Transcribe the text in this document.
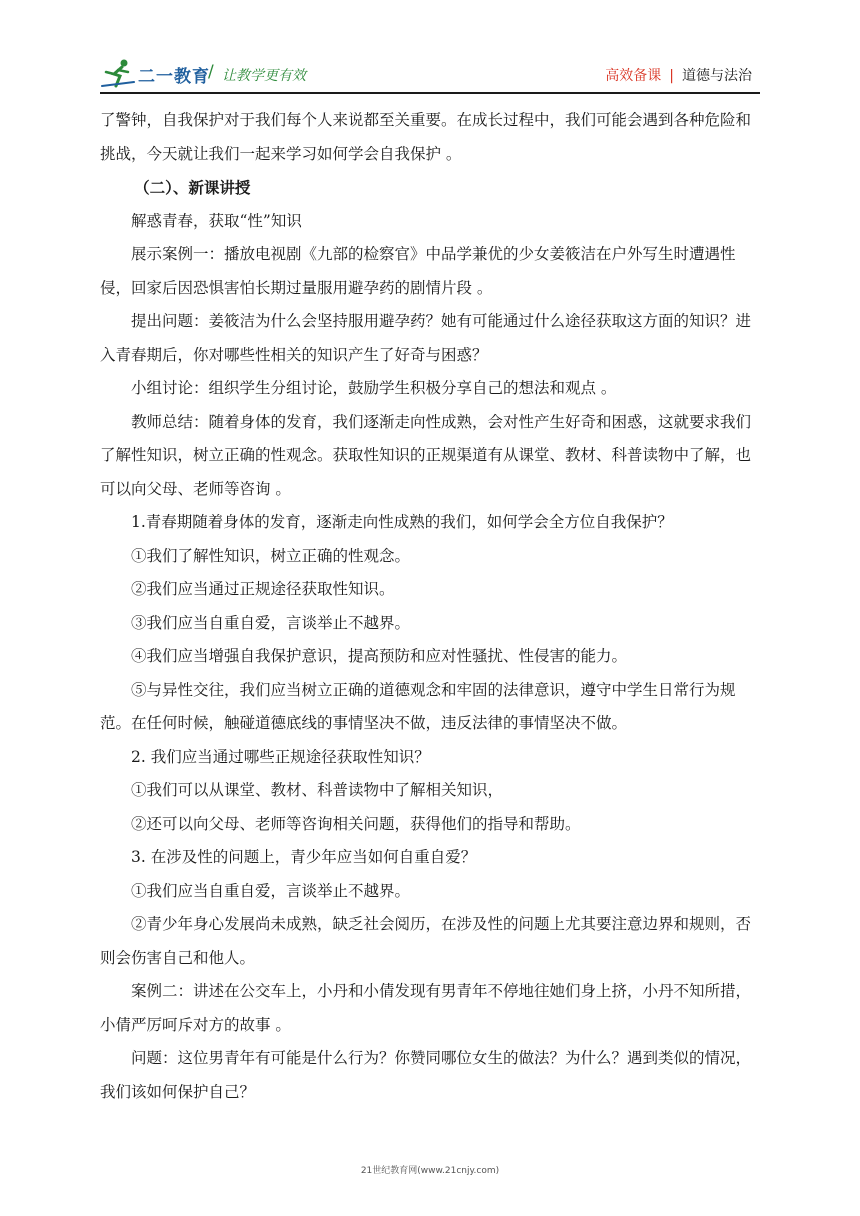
二一教育
/ 让教学更有效	高效备课 | 道德与法治

了警钟，自我保护对于我们每个人来说都至关重要。在成长过程中，我们可能会遇到各种危险和挑战，今天就让我们一起来学习如何学会自我保护 。

（二）、新课讲授

解惑青春，获取“性”知识

展示案例一：播放电视剧《九部的检察官》中品学兼优的少女姜筱洁在户外写生时遭遇性侵，回家后因恐惧害怕长期过量服用避孕药的剧情片段 。

提出问题：姜筱洁为什么会坚持服用避孕药？她有可能通过什么途径获取这方面的知识？进入青春期后，你对哪些性相关的知识产生了好奇与困惑？

小组讨论：组织学生分组讨论，鼓励学生积极分享自己的想法和观点 。

教师总结：随着身体的发育，我们逐渐走向性成熟，会对性产生好奇和困惑，这就要求我们了解性知识，树立正确的性观念。获取性知识的正规渠道有从课堂、教材、科普读物中了解，也可以向父母、老师等咨询 。

1.青春期随着身体的发育，逐渐走向性成熟的我们，如何学会全方位自我保护？

①我们了解性知识，树立正确的性观念。

②我们应当通过正规途径获取性知识。

③我们应当自重自爱，言谈举止不越界。

④我们应当增强自我保护意识，提高预防和应对性骚扰、性侵害的能力。

⑤与异性交往，我们应当树立正确的道德观念和牢固的法律意识，遵守中学生日常行为规范。在任何时候，触碰道德底线的事情坚决不做，违反法律的事情坚决不做。

2. 我们应当通过哪些正规途径获取性知识？

①我们可以从课堂、教材、科普读物中了解相关知识，

②还可以向父母、老师等咨询相关问题，获得他们的指导和帮助。

3. 在涉及性的问题上，青少年应当如何自重自爱？

①我们应当自重自爱，言谈举止不越界。

②青少年身心发展尚未成熟，缺乏社会阅历，在涉及性的问题上尤其要注意边界和规则，否则会伤害自己和他人。

案例二：讲述在公交车上，小丹和小倩发现有男青年不停地往她们身上挤，小丹不知所措，小倩严厉呵斥对方的故事 。

问题：这位男青年有可能是什么行为？你赞同哪位女生的做法？为什么？遇到类似的情况，我们该如何保护自己？

21世纪教育网(www.21cnjy.com)
